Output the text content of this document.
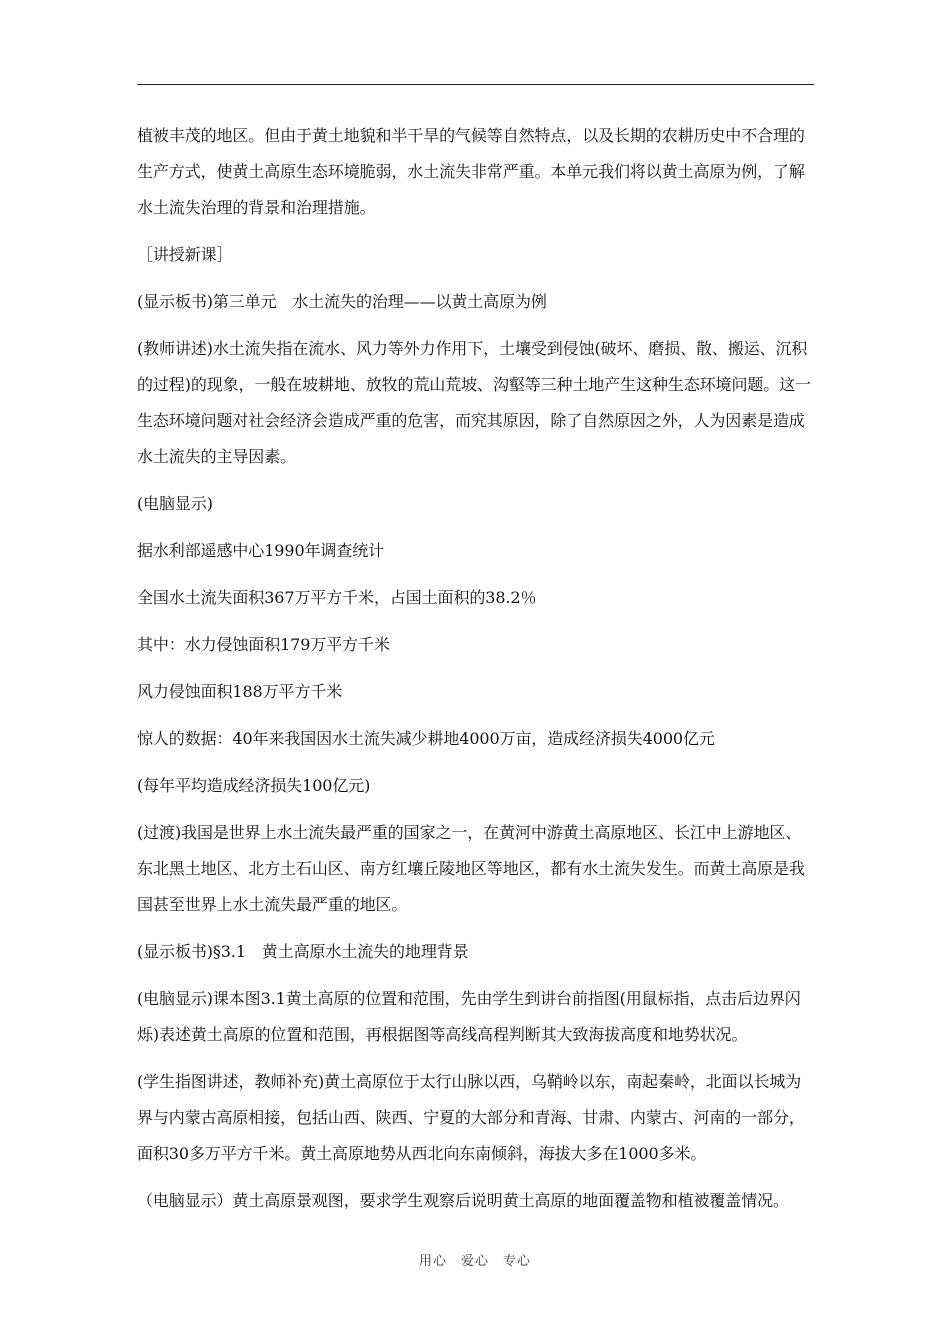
植被丰茂的地区。但由于黄土地貌和半干旱的气候等自然特点，以及长期的农耕历史中不合理的生产方式，使黄土高原生态环境脆弱，水土流失非常严重。本单元我们将以黄土高原为例，了解水土流失治理的背景和治理措施。

［讲授新课］

(显示板书)第三单元　水土流失的治理——以黄土高原为例

(教师讲述)水土流失指在流水、风力等外力作用下，土壤受到侵蚀(破坏、磨损、散、搬运、沉积的过程)的现象，一般在坡耕地、放牧的荒山荒坡、沟壑等三种土地产生这种生态环境问题。这一生态环境问题对社会经济会造成严重的危害，而究其原因，除了自然原因之外，人为因素是造成水土流失的主导因素。

(电脑显示)

据水利部遥感中心1990年调查统计

全国水土流失面积367万平方千米，占国土面积的38.2％

其中：水力侵蚀面积179万平方千米

风力侵蚀面积188万平方千米

惊人的数据：40年来我国因水土流失减少耕地4000万亩，造成经济损失4000亿元

(每年平均造成经济损失100亿元)

(过渡)我国是世界上水土流失最严重的国家之一，在黄河中游黄土高原地区、长江中上游地区、东北黑土地区、北方土石山区、南方红壤丘陵地区等地区，都有水土流失发生。而黄土高原是我国甚至世界上水土流失最严重的地区。

(显示板书)§3.1　黄土高原水土流失的地理背景

(电脑显示)课本图3.1黄土高原的位置和范围，先由学生到讲台前指图(用鼠标指，点击后边界闪烁)表述黄土高原的位置和范围，再根据图等高线高程判断其大致海拔高度和地势状况。

(学生指图讲述，教师补充)黄土高原位于太行山脉以西，乌鞘岭以东，南起秦岭，北面以长城为界与内蒙古高原相接，包括山西、陕西、宁夏的大部分和青海、甘肃、内蒙古、河南的一部分，面积30多万平方千米。黄土高原地势从西北向东南倾斜，海拔大多在1000多米。

（电脑显示）黄土高原景观图，要求学生观察后说明黄土高原的地面覆盖物和植被覆盖情况。

用心　爱心　专心
